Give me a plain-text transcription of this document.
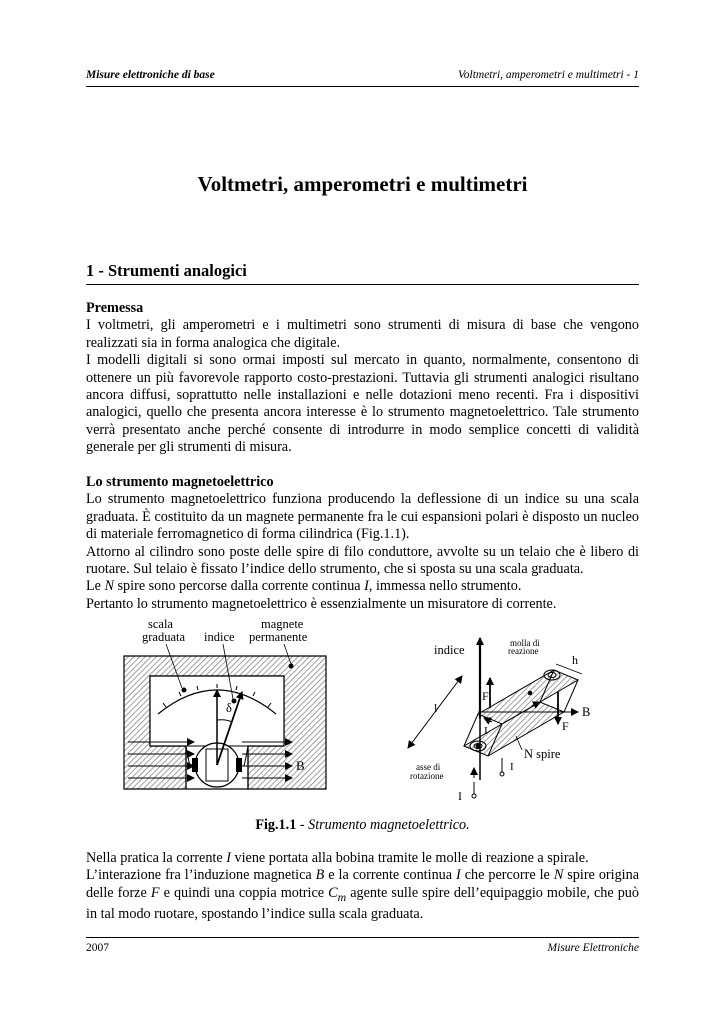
Misure elettroniche di base	Voltmetri, amperometri e multimetri - 1
Voltmetri, amperometri e multimetri
1 - Strumenti analogici

Premessa

I voltmetri, gli amperometri e i multimetri sono strumenti di misura di base che vengono realizzati sia in forma analogica che digitale.

I modelli digitali si sono ormai imposti sul mercato in quanto, normalmente, consentono di ottenere un più favorevole rapporto costo-prestazioni. Tuttavia gli strumenti analogici risultano ancora diffusi, soprattutto nelle installazioni e nelle dotazioni meno recenti. Fra i dispositivi analogici, quello che presenta ancora interesse è lo strumento magnetoelettrico. Tale strumento verrà presentato anche perché consente di introdurre in modo semplice concetti di validità generale per gli strumenti di misura.

Lo strumento magnetoelettrico

Lo strumento magnetoelettrico funziona producendo la deflessione di un indice su una scala graduata. È costituito da un magnete permanente fra le cui espansioni polari è disposto un nucleo di materiale ferromagnetico di forma cilindrica (Fig.1.1).

Attorno al cilindro sono poste delle spire di filo conduttore, avvolte su un telaio che è libero di ruotare. Sul telaio è fissato l’indice dello strumento, che si sposta su una scala graduata.

Le N spire sono percorse dalla corrente continua I, immessa nello strumento.

Pertanto lo strumento magnetoelettrico è essenzialmente un misuratore di corrente.

scala
graduata indice
magnete
permanente
δ
B
indice	molla di
reazione
h
F
F
B
I
I
l
N spire
I
I
asse di
rotazione
Fig.1.1 - Strumento magnetoelettrico.

Nella pratica la corrente I viene portata alla bobina tramite le molle di reazione a spirale.

L’interazione fra l’induzione magnetica B e la corrente continua I che percorre le N spire origina delle forze F e quindi una coppia motrice $C_m$ agente sulle spire dell’equipaggio mobile, che può in tal modo ruotare, spostando l’indice sulla scala graduata.

2007	Misure Elettroniche
